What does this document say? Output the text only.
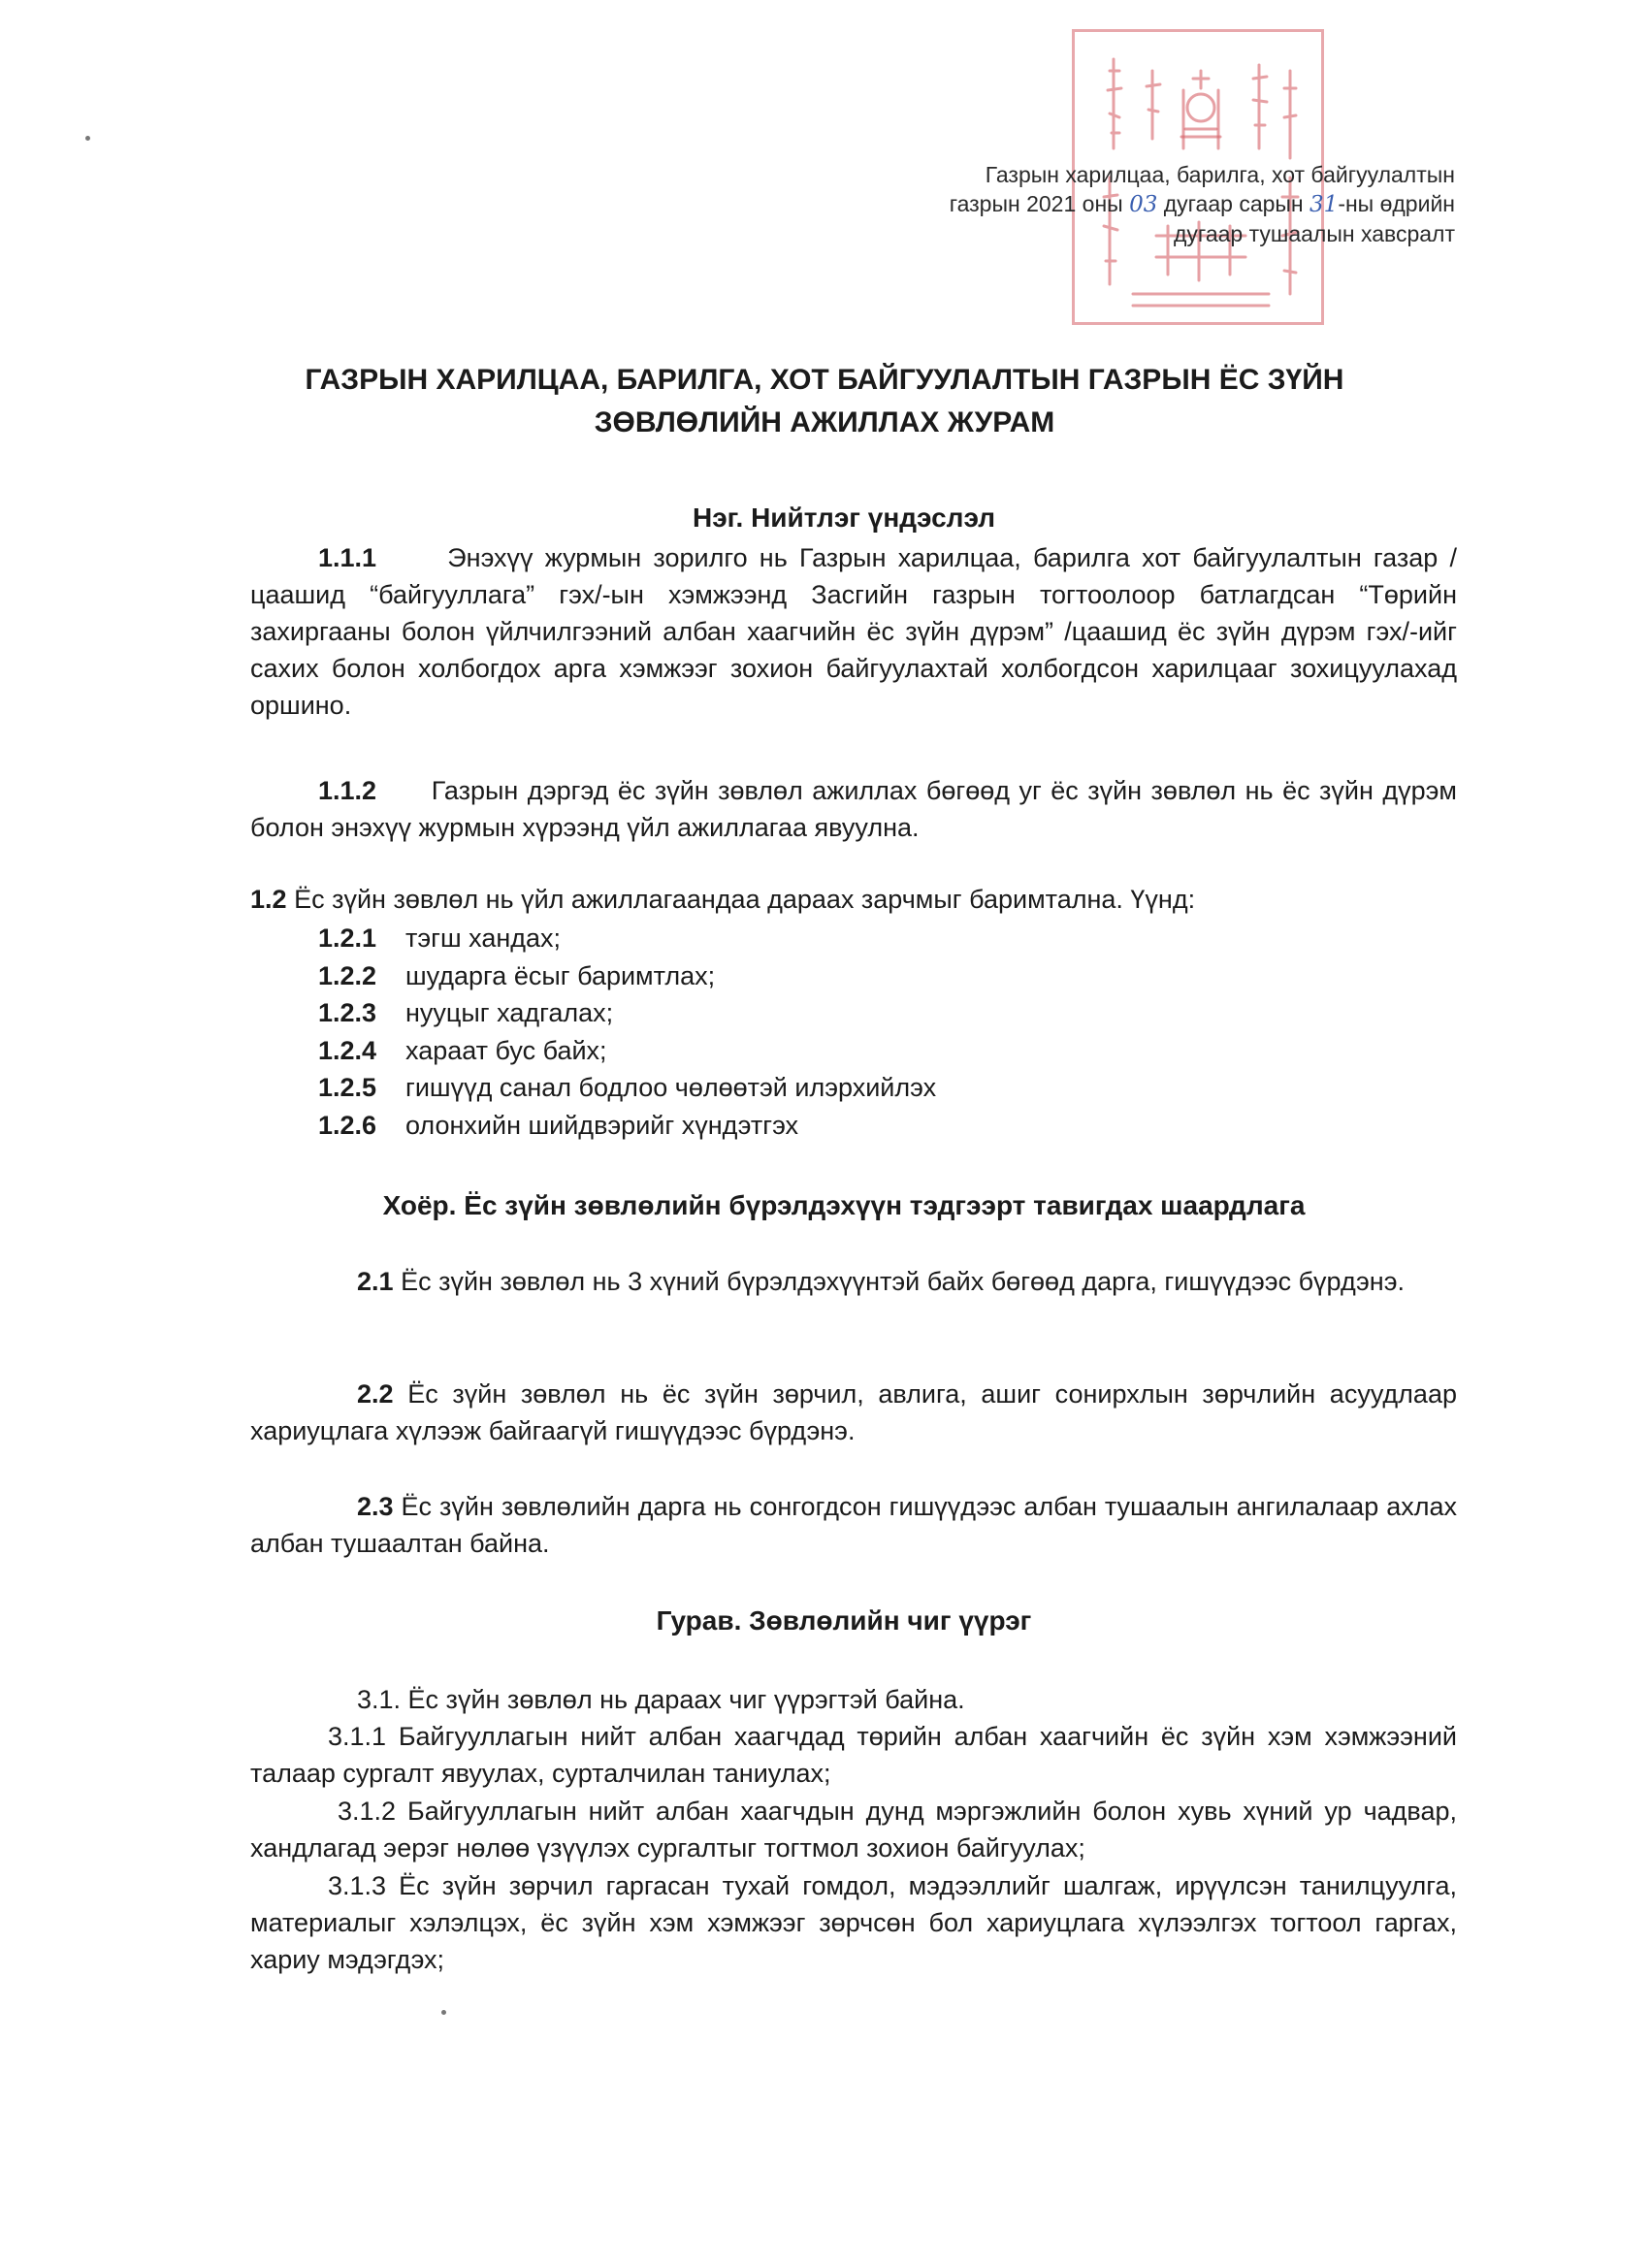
Газрын харилцаа, барилга, хот байгуулалтын
газрын 2021 оны 03 дугаар сарын 31-ны өдрийн
дугаар тушаалын хавсралт
ГАЗРЫН ХАРИЛЦАА, БАРИЛГА, ХОТ БАЙГУУЛАЛТЫН ГАЗРЫН ЁС ЗҮЙН
ЗӨВЛӨЛИЙН АЖИЛЛАХ ЖУРАМ
Нэг. Нийтлэг үндэслэл
1.1.1	Энэхүү журмын зорилго нь Газрын харилцаа, барилга хот байгуулалтын газар /цаашид “байгууллага” гэх/-ын хэмжээнд Засгийн газрын тогтоолоор батлагдсан “Төрийн захиргааны болон үйлчилгээний албан хаагчийн ёс зүйн дүрэм” /цаашид ёс зүйн дүрэм гэх/-ийг сахих болон холбогдох арга хэмжээг зохион байгуулахтай холбогдсон харилцааг зохицуулахад оршино.
1.1.2 Газрын дэргэд ёс зүйн зөвлөл ажиллах бөгөөд уг ёс зүйн зөвлөл нь ёс зүйн дүрэм болон энэхүү журмын хүрээнд үйл ажиллагаа явуулна.
1.2 Ёс зүйн зөвлөл нь үйл ажиллагаандаа дараах зарчмыг баримтална. Үүнд:
1.2.1 тэгш хандах;
1.2.2 шударга ёсыг баримтлах;
1.2.3 нууцыг хадгалах;
1.2.4 хараат бус байх;
1.2.5 гишүүд санал бодлоо чөлөөтэй илэрхийлэх
1.2.6 олонхийн шийдвэрийг хүндэтгэх
Хоёр. Ёс зүйн зөвлөлийн бүрэлдэхүүн тэдгээрт тавигдах шаардлага
2.1 Ёс зүйн зөвлөл нь 3 хүний бүрэлдэхүүнтэй байх бөгөөд дарга, гишүүдээс бүрдэнэ.
2.2 Ёс зүйн зөвлөл нь ёс зүйн зөрчил, авлига, ашиг сонирхлын зөрчлийн асуудлаар хариуцлага хүлээж байгаагүй гишүүдээс бүрдэнэ.
2.3 Ёс зүйн зөвлөлийн дарга нь сонгогдсон гишүүдээс албан тушаалын ангилалаар ахлах албан тушаалтан байна.
Гурав. Зөвлөлийн чиг үүрэг
3.1. Ёс зүйн зөвлөл нь дараах чиг үүрэгтэй байна.
3.1.1 Байгууллагын нийт албан хаагчдад төрийн албан хаагчийн ёс зүйн хэм хэмжээний талаар сургалт явуулах, сурталчилан таниулах;
3.1.2 Байгууллагын нийт албан хаагчдын дунд мэргэжлийн болон хувь хүний ур чадвар, хандлагад эерэг нөлөө үзүүлэх сургалтыг тогтмол зохион байгуулах;
3.1.3 Ёс зүйн зөрчил гаргасан тухай гомдол, мэдээллийг шалгаж, ирүүлсэн танилцуулга, материалыг хэлэлцэх, ёс зүйн хэм хэмжээг зөрчсөн бол хариуцлага хүлээлгэх тогтоол гаргах, хариу мэдэгдэх;
